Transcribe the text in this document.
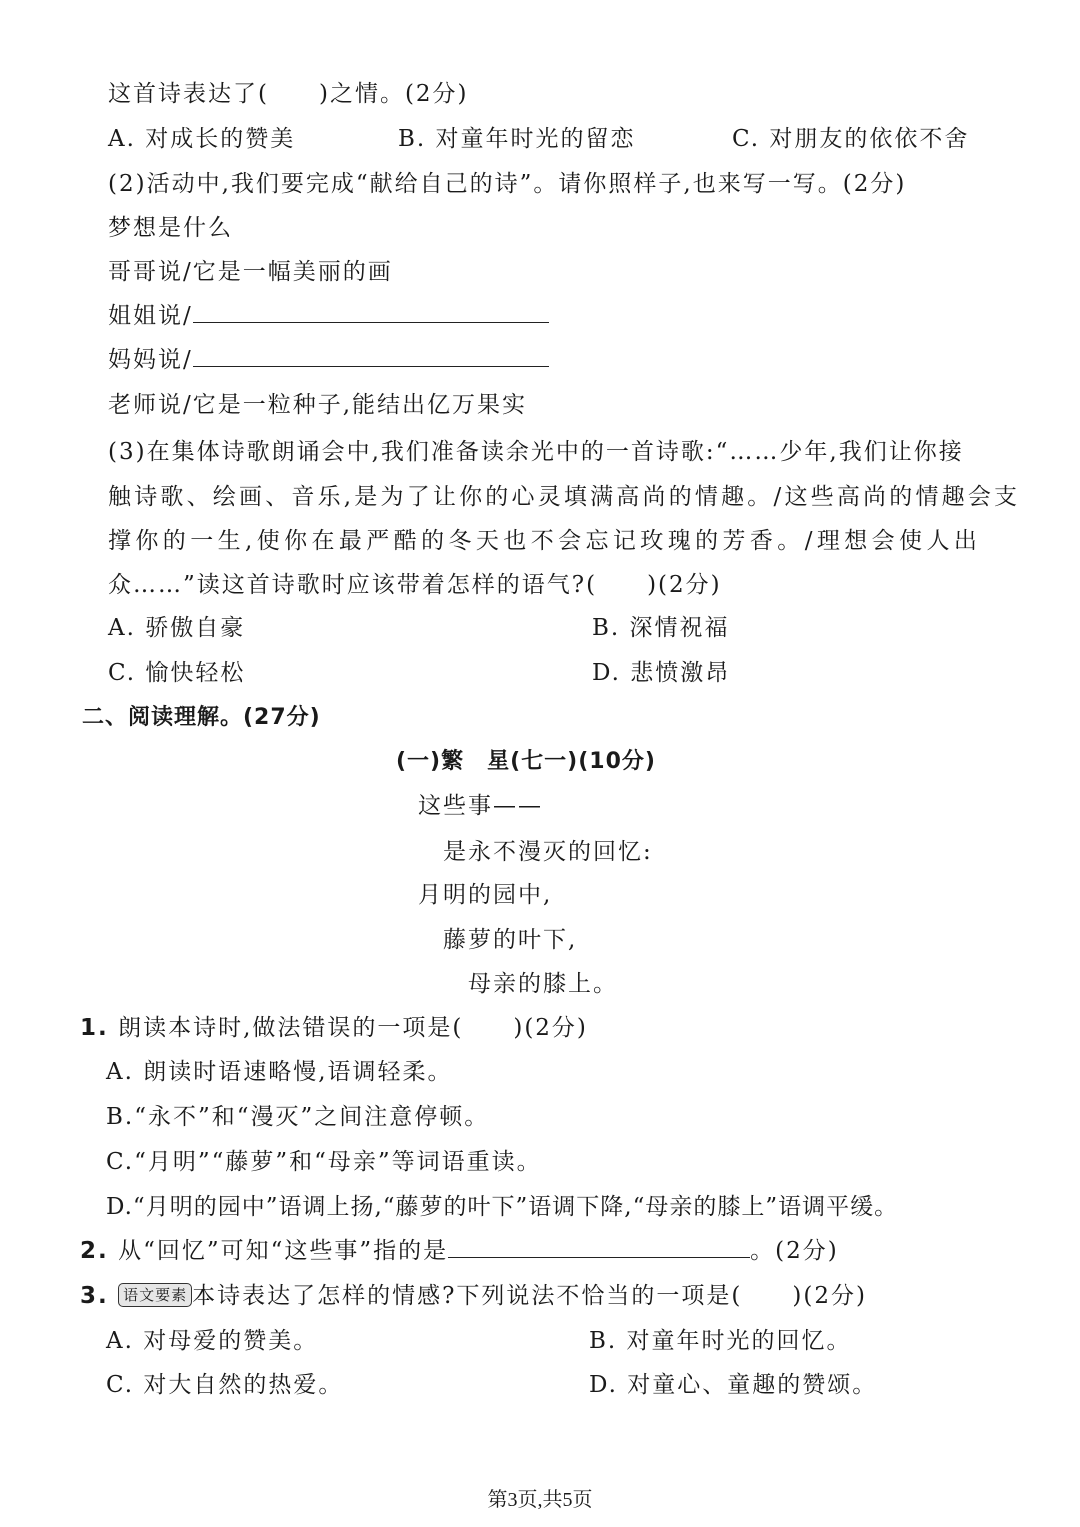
这首诗表达了(　　)之情。(2分)
A. 对成长的赞美	B. 对童年时光的留恋	C. 对朋友的依依不舍
(2)活动中,我们要完成“献给自己的诗”。请你照样子,也来写一写。(2分)
梦想是什么
哥哥说/它是一幅美丽的画
姐姐说/
妈妈说/
老师说/它是一粒种子,能结出亿万果实
(3)在集体诗歌朗诵会中,我们准备读余光中的一首诗歌:“……少年,我们让你接
触诗歌、绘画、音乐,是为了让你的心灵填满高尚的情趣。/这些高尚的情趣会支
撑你的一生,使你在最严酷的冬天也不会忘记玫瑰的芳香。/理想会使人出
众……”读这首诗歌时应该带着怎样的语气?(　　)(2分)
A. 骄傲自豪	B. 深情祝福
C. 愉快轻松	D. 悲愤激昂
二、阅读理解。(27分)
(一)繁　星(七一)(10分)
这些事——
是永不漫灭的回忆:
月明的园中,
藤萝的叶下,
母亲的膝上。
1. 朗读本诗时,做法错误的一项是(　　)(2分)
A. 朗读时语速略慢,语调轻柔。
B.“永不”和“漫灭”之间注意停顿。
C.“月明”“藤萝”和“母亲”等词语重读。
D.“月明的园中”语调上扬,“藤萝的叶下”语调下降,“母亲的膝上”语调平缓。
2. 从“回忆”可知“这些事”指的是	。(2分)
3. 语文要素 本诗表达了怎样的情感?下列说法不恰当的一项是(　　)(2分)
A. 对母爱的赞美。	B. 对童年时光的回忆。
C. 对大自然的热爱。	D. 对童心、童趣的赞颂。
第3页,共5页
